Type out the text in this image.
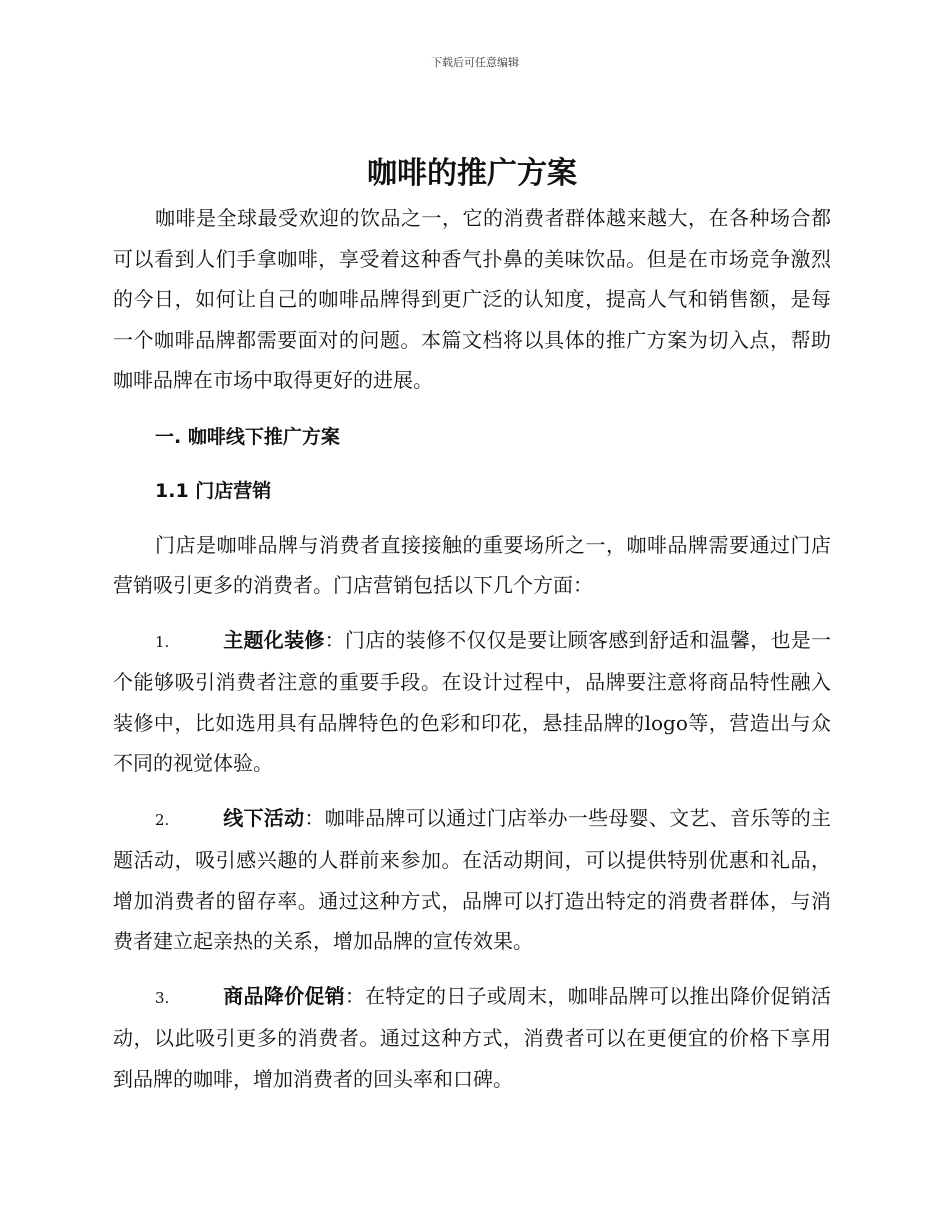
下载后可任意编辑
咖啡的推广方案

咖啡是全球最受欢迎的饮品之一，它的消费者群体越来越大，在各种场合都可以看到人们手拿咖啡，享受着这种香气扑鼻的美味饮品。但是在市场竞争激烈的今日，如何让自己的咖啡品牌得到更广泛的认知度，提高人气和销售额，是每一个咖啡品牌都需要面对的问题。本篇文档将以具体的推广方案为切入点，帮助咖啡品牌在市场中取得更好的进展。

一. 咖啡线下推广方案
1.1 门店营销

门店是咖啡品牌与消费者直接接触的重要场所之一，咖啡品牌需要通过门店营销吸引更多的消费者。门店营销包括以下几个方面：

1.	主题化装修：门店的装修不仅仅是要让顾客感到舒适和温馨，也是一个能够吸引消费者注意的重要手段。在设计过程中，品牌要注意将商品特性融入装修中，比如选用具有品牌特色的色彩和印花，悬挂品牌的logo等，营造出与众不同的视觉体验。

2.	线下活动：咖啡品牌可以通过门店举办一些母婴、文艺、音乐等的主题活动，吸引感兴趣的人群前来参加。在活动期间，可以提供特别优惠和礼品，增加消费者的留存率。通过这种方式，品牌可以打造出特定的消费者群体，与消费者建立起亲热的关系，增加品牌的宣传效果。

3.	商品降价促销：在特定的日子或周末，咖啡品牌可以推出降价促销活动，以此吸引更多的消费者。通过这种方式，消费者可以在更便宜的价格下享用到品牌的咖啡，增加消费者的回头率和口碑。
